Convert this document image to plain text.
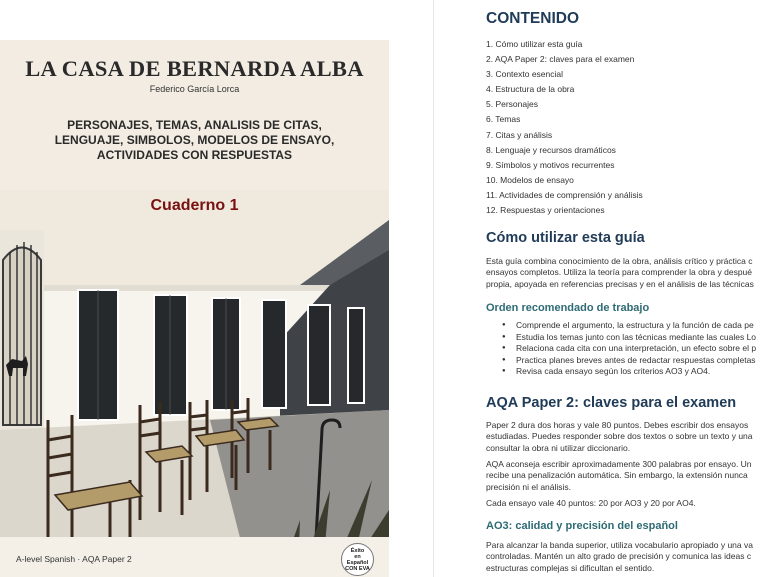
LA CASA DE BERNARDA ALBA
Federico García Lorca
PERSONAJES, TEMAS, ANALISIS DE CITAS,
LENGUAJE, SIMBOLOS, MODELOS DE ENSAYO,
ACTIVIDADES CON RESPUESTAS
Cuaderno 1
A-level Spanish · AQA Paper 2
Éxito
en
Español
CON EVA
CONTENIDO
1. Cómo utilizar esta guía
2. AQA Paper 2: claves para el examen
3. Contexto esencial
4. Estructura de la obra
5. Personajes
6. Temas
7. Citas y análisis
8. Lenguaje y recursos dramáticos
9. Símbolos y motivos recurrentes
10. Modelos de ensayo
11. Actividades de comprensión y análisis
12. Respuestas y orientaciones
Cómo utilizar esta guía
Esta guía combina conocimiento de la obra, análisis crítico y práctica c
ensayos completos. Utiliza la teoría para comprender la obra y despué
propia, apoyada en referencias precisas y en el análisis de las técnicas
Orden recomendado de trabajo
● Comprende el argumento, la estructura y la función de cada pe
● Estudia los temas junto con las técnicas mediante las cuales Lo
● Relaciona cada cita con una interpretación, un efecto sobre el p
● Practica planes breves antes de redactar respuestas completas
● Revisa cada ensayo según los criterios AO3 y AO4.
AQA Paper 2: claves para el examen
Paper 2 dura dos horas y vale 80 puntos. Debes escribir dos ensayos
estudiadas. Puedes responder sobre dos textos o sobre un texto y una
consultar la obra ni utilizar diccionario.
AQA aconseja escribir aproximadamente 300 palabras por ensayo. Un
recibe una penalización automática. Sin embargo, la extensión nunca
precisión ni el análisis.
Cada ensayo vale 40 puntos: 20 por AO3 y 20 por AO4.
AO3: calidad y precisión del español
Para alcanzar la banda superior, utiliza vocabulario apropiado y una va
controladas. Mantén un alto grado de precisión y comunica las ideas c
estructuras complejas si dificultan el sentido.
